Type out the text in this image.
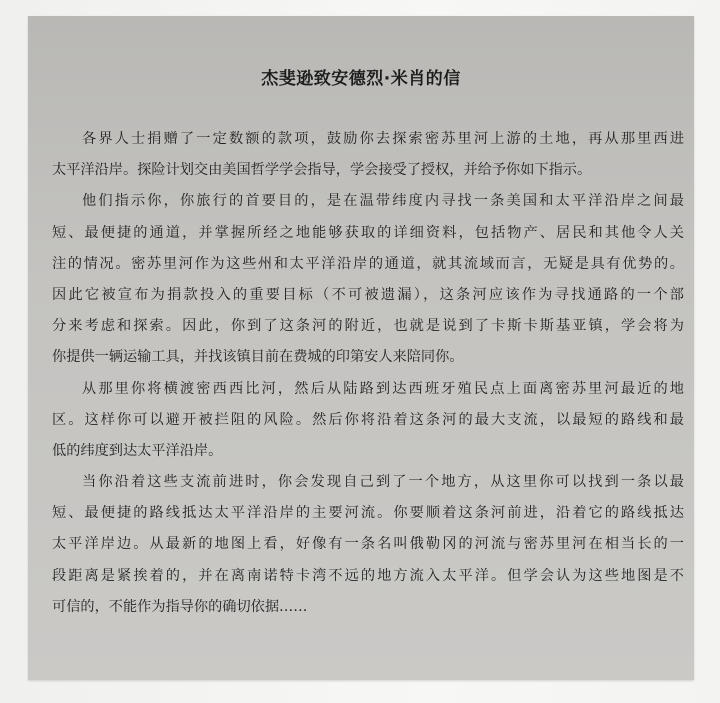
杰斐逊致安德烈·米肖的信
各界人士捐赠了一定数额的款项，鼓励你去探索密苏里河上游的土地，再从那里西进
太平洋沿岸。探险计划交由美国哲学学会指导，学会接受了授权，并给予你如下指示。
他们指示你，你旅行的首要目的，是在温带纬度内寻找一条美国和太平洋沿岸之间最
短、最便捷的通道，并掌握所经之地能够获取的详细资料，包括物产、居民和其他令人关
注的情况。密苏里河作为这些州和太平洋沿岸的通道，就其流域而言，无疑是具有优势的。
因此它被宣布为捐款投入的重要目标（不可被遗漏），这条河应该作为寻找通路的一个部
分来考虑和探索。因此，你到了这条河的附近，也就是说到了卡斯卡斯基亚镇，学会将为
你提供一辆运输工具，并找该镇目前在费城的印第安人来陪同你。
从那里你将横渡密西西比河，然后从陆路到达西班牙殖民点上面离密苏里河最近的地
区。这样你可以避开被拦阻的风险。然后你将沿着这条河的最大支流，以最短的路线和最
低的纬度到达太平洋沿岸。
当你沿着这些支流前进时，你会发现自己到了一个地方，从这里你可以找到一条以最
短、最便捷的路线抵达太平洋沿岸的主要河流。你要顺着这条河前进，沿着它的路线抵达
太平洋岸边。从最新的地图上看，好像有一条名叫俄勒冈的河流与密苏里河在相当长的一
段距离是紧挨着的，并在离南诺特卡湾不远的地方流入太平洋。但学会认为这些地图是不
可信的，不能作为指导你的确切依据……
